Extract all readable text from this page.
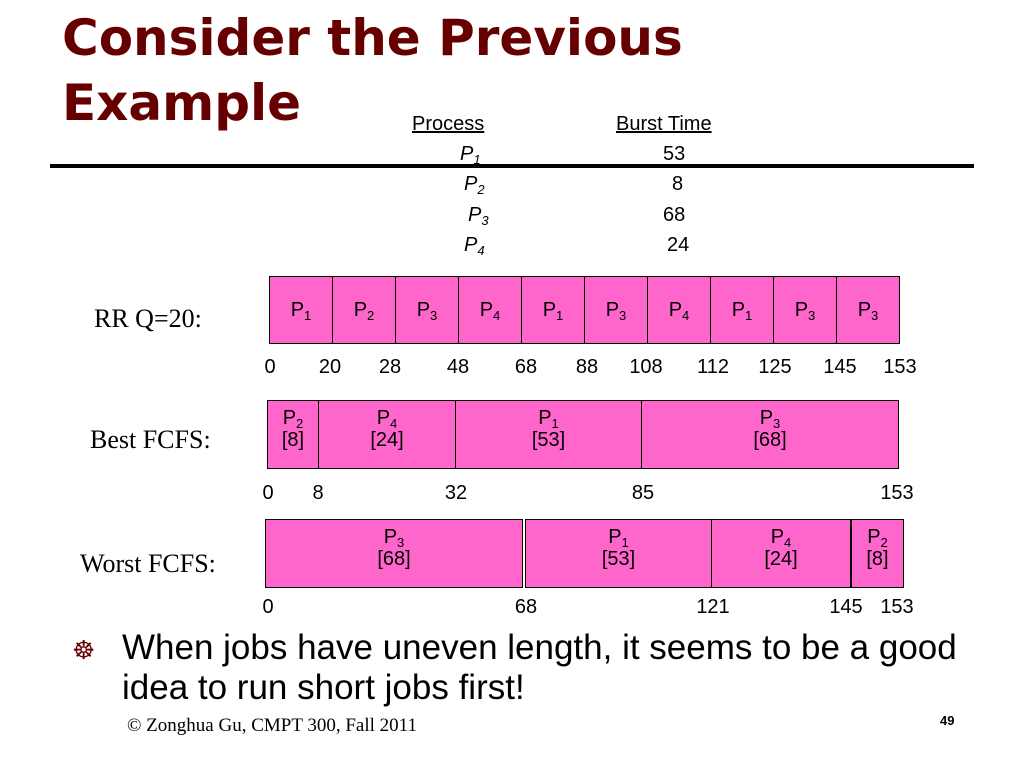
Consider the Previous
Example	Process	Burst Time
$P_1$	53
$P_2$	8
$P_3$	68
$P_4$	24
RR Q=20:	$P_1$	$P_2$	$P_3$	$P_4$	$P_1$	$P_3$	$P_4$	$P_1$	$P_3$	$P_3$
0 20 28 48 68 88 108 112 125 145 153
Best FCFS:
$P_2$
[8]
$P_4$
[24]
$P_1$
[53]
$P_3$
[68]
0 8	32	85	153
Worst FCFS:
$P_3$
[68]
$P_1$
[53]
$P_4$
[24]
$P_2$
[8]
0	68	121	145 153
☸ When jobs have uneven length, it seems to be a good idea to run short jobs first!
© Zonghua Gu, CMPT 300, Fall 2011	49
